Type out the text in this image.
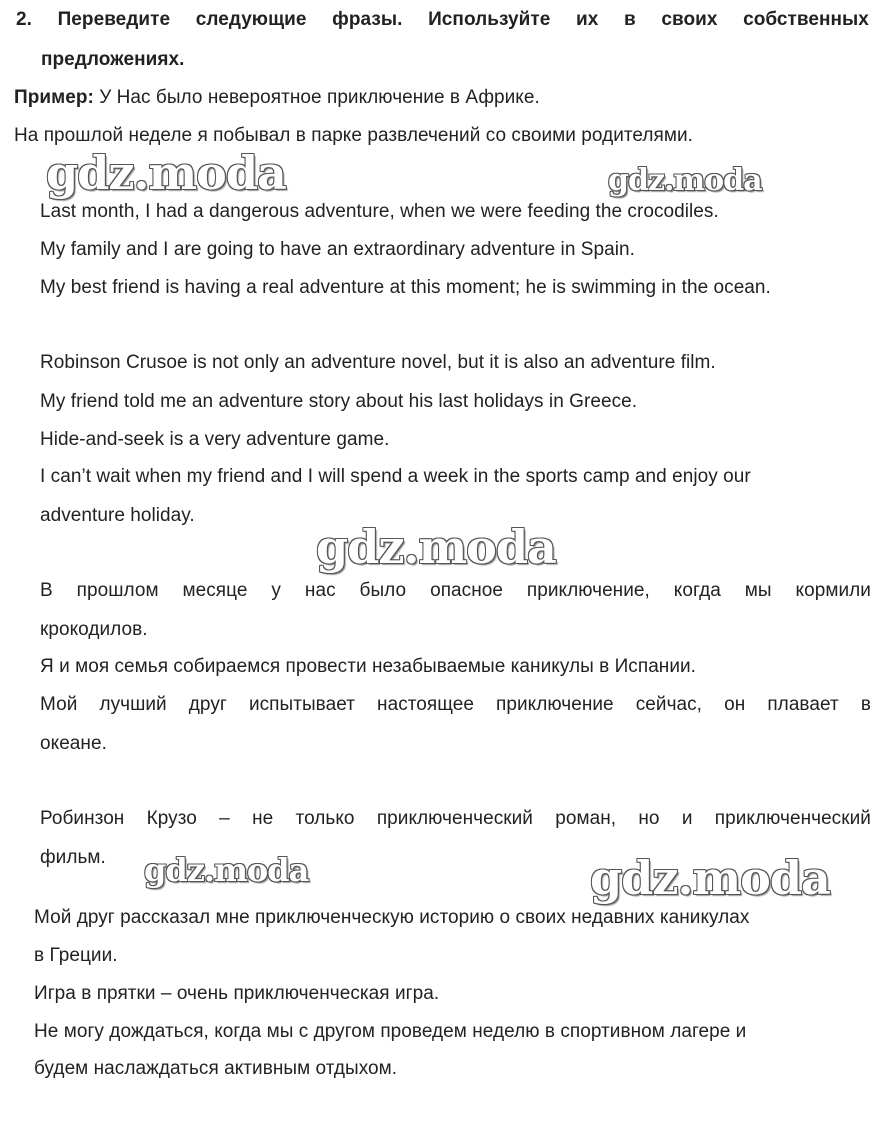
2. Переведите следующие фразы. Используйте их в своих собственных
предложениях.
Пример: У Нас было невероятное приключение в Африке.
На прошлой неделе я побывал в парке развлечений со своими родителями.
Last month, I had a dangerous adventure, when we were feeding the crocodiles.
My family and I are going to have an extraordinary adventure in Spain.
My best friend is having a real adventure at this moment; he is swimming in the ocean.
Robinson Crusoe is not only an adventure novel, but it is also an adventure film.
My friend told me an adventure story about his last holidays in Greece.
Hide-and-seek is a very adventure game.
I can’t wait when my friend and I will spend a week in the sports camp and enjoy our
adventure holiday.
В прошлом месяце у нас было опасное приключение, когда мы кормили
крокодилов.
Я и моя семья собираемся провести незабываемые каникулы в Испании.
Мой лучший друг испытывает настоящее приключение сейчас, он плавает в
океане.
Робинзон Крузо – не только приключенческий роман, но и приключенческий
фильм.
Мой друг рассказал мне приключенческую историю о своих недавних каникулах
в Греции.
Игра в прятки – очень приключенческая игра.
Не могу дождаться, когда мы с другом проведем неделю в спортивном лагере и
будем наслаждаться активным отдыхом.
gdz.moda	gdz.moda
gdz.moda
gdz.moda	gdz.moda
